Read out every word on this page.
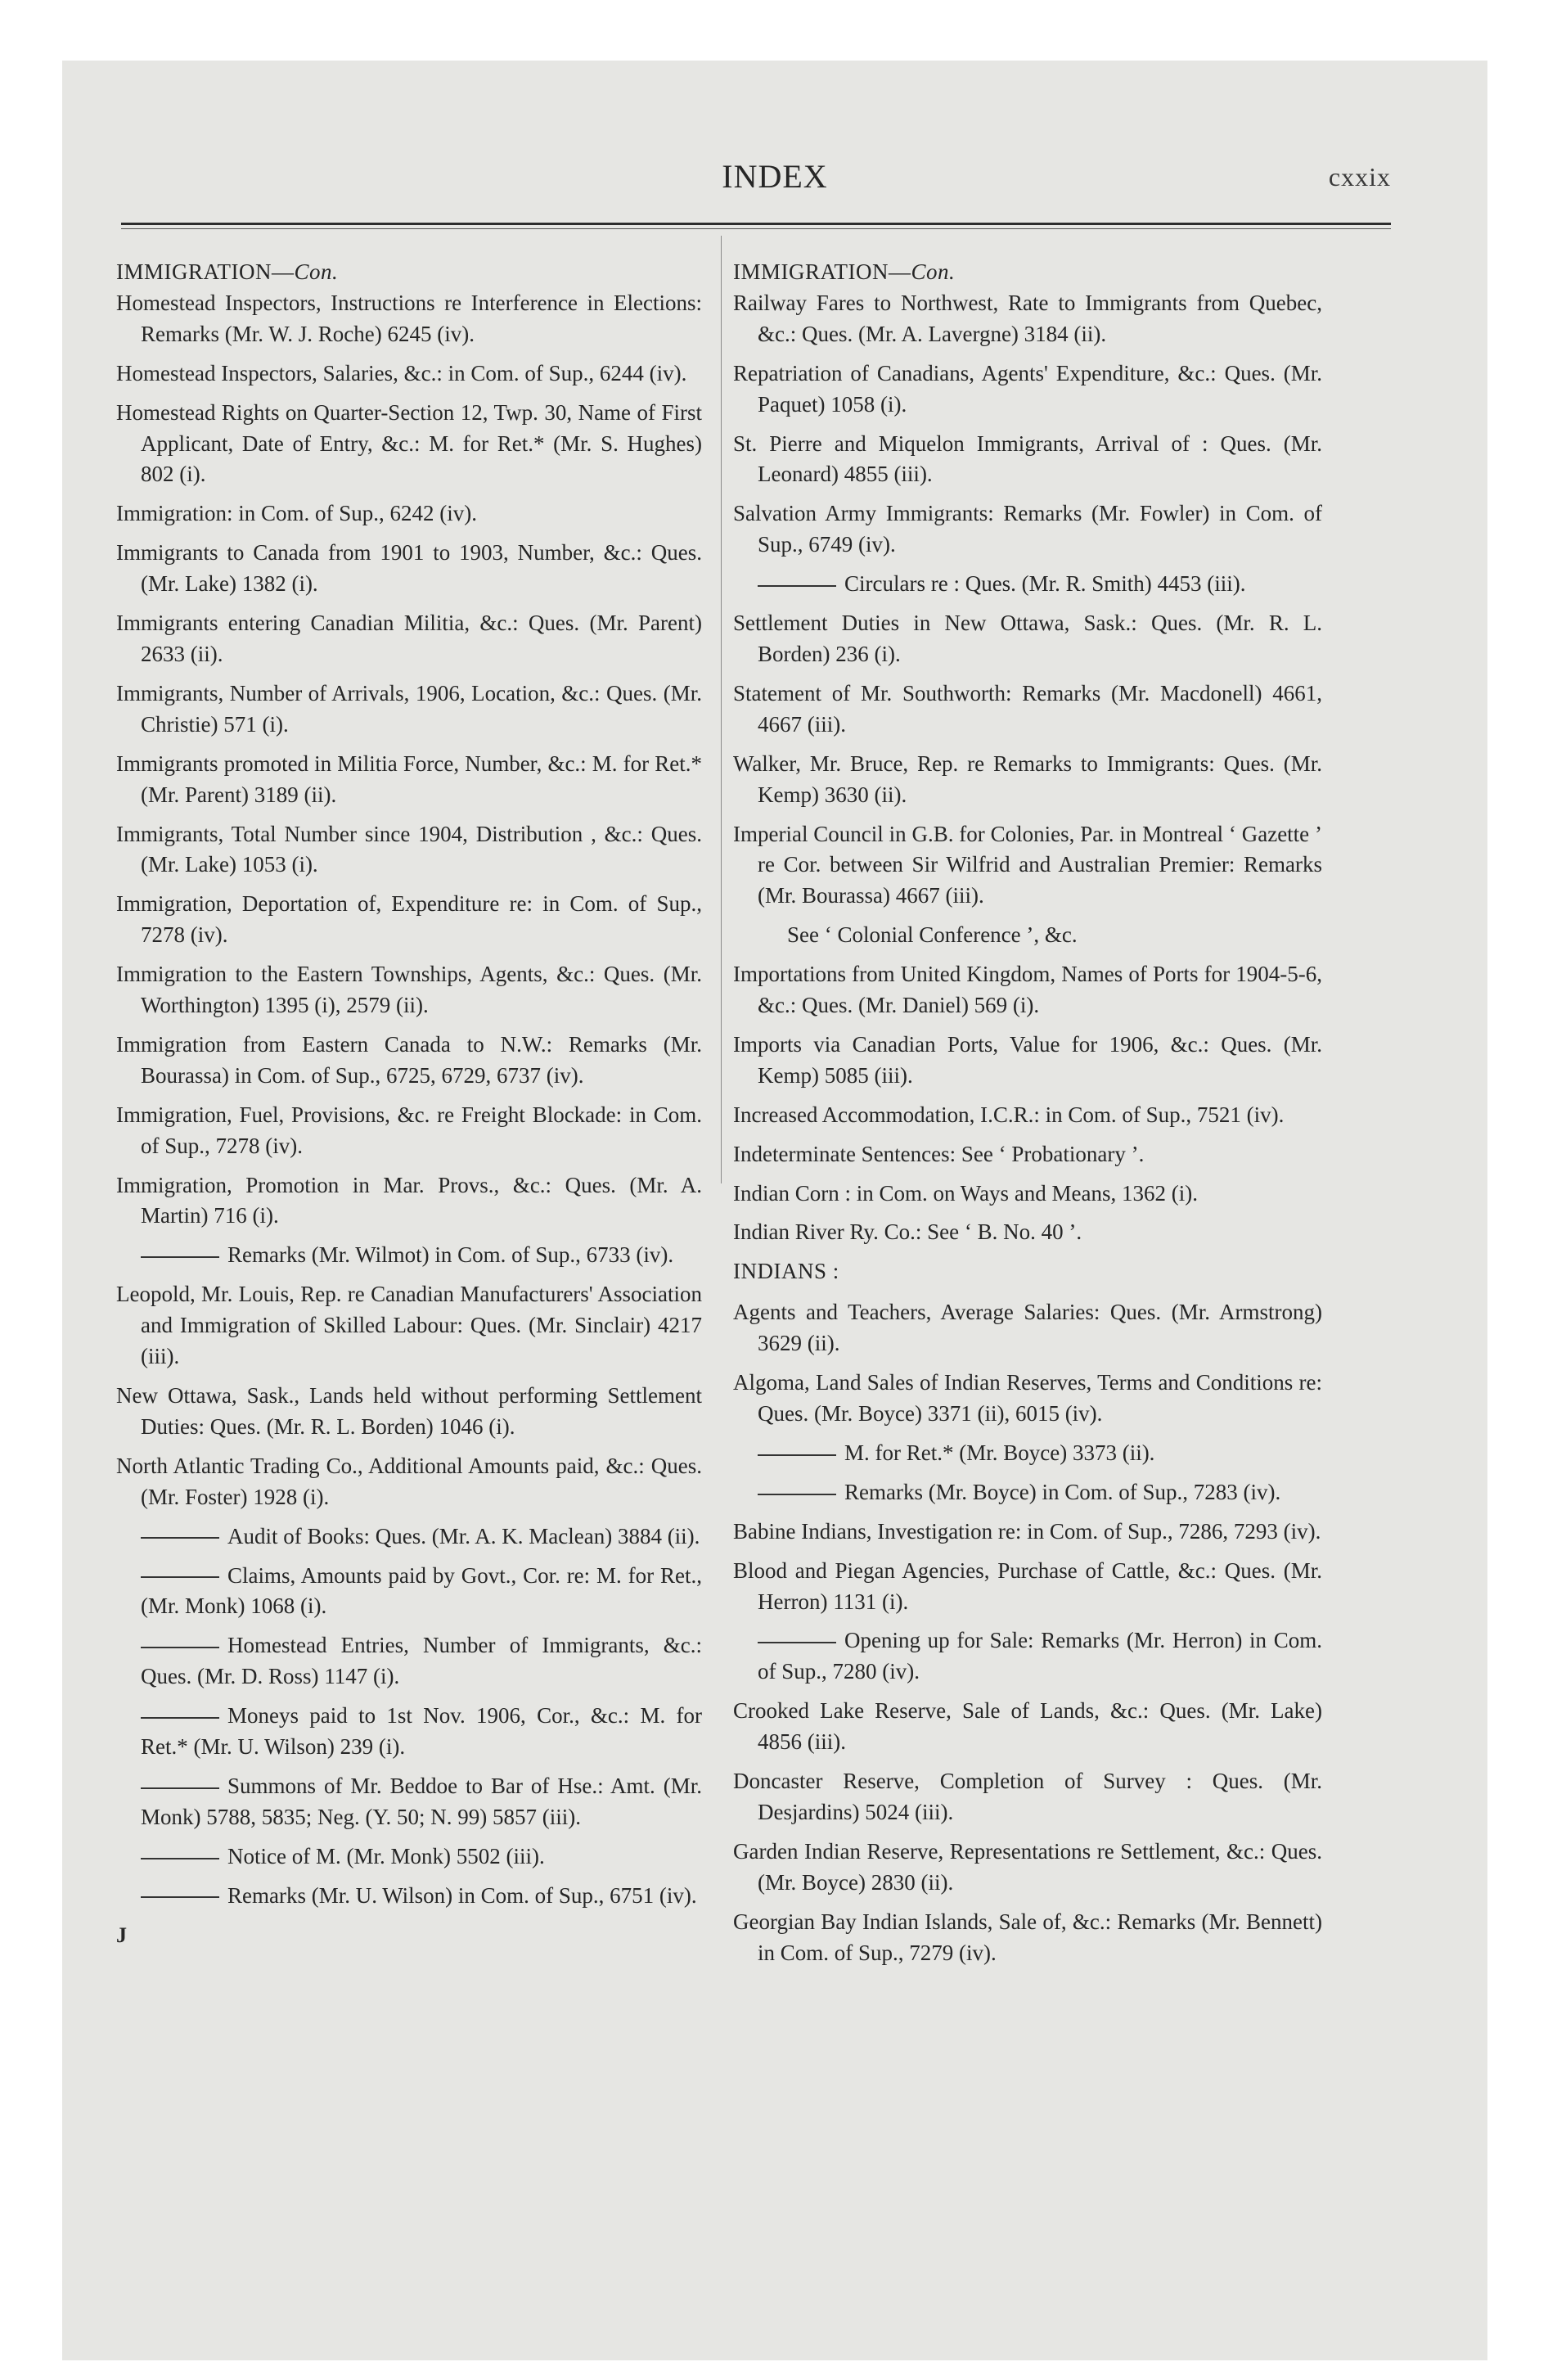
INDEX	cxxix

IMMIGRATION—Con.

Homestead Inspectors, Instructions re Interference in Elections: Remarks (Mr. W. J. Roche) 6245 (iv).

Homestead Inspectors, Salaries, &c.: in Com. of Sup., 6244 (iv).

Homestead Rights on Quarter-Section 12, Twp. 30, Name of First Applicant, Date of Entry, &c.: M. for Ret.* (Mr. S. Hughes) 802 (i).

Immigration: in Com. of Sup., 6242 (iv).

Immigrants to Canada from 1901 to 1903, Number, &c.: Ques. (Mr. Lake) 1382 (i).

Immigrants entering Canadian Militia, &c.: Ques. (Mr. Parent) 2633 (ii).

Immigrants, Number of Arrivals, 1906, Location, &c.: Ques. (Mr. Christie) 571 (i).

Immigrants promoted in Militia Force, Number, &c.: M. for Ret.* (Mr. Parent) 3189 (ii).

Immigrants, Total Number since 1904, Distribution , &c.: Ques. (Mr. Lake) 1053 (i).

Immigration, Deportation of, Expenditure re: in Com. of Sup., 7278 (iv).

Immigration to the Eastern Townships, Agents, &c.: Ques. (Mr. Worthington) 1395 (i), 2579 (ii).

Immigration from Eastern Canada to N.W.: Remarks (Mr. Bourassa) in Com. of Sup., 6725, 6729, 6737 (iv).

Immigration, Fuel, Provisions, &c. re Freight Blockade: in Com. of Sup., 7278 (iv).

Immigration, Promotion in Mar. Provs., &c.: Ques. (Mr. A. Martin) 716 (i).

Remarks (Mr. Wilmot) in Com. of Sup., 6733 (iv).

Leopold, Mr. Louis, Rep. re Canadian Manufacturers' Association and Immigration of Skilled Labour: Ques. (Mr. Sinclair) 4217 (iii).

New Ottawa, Sask., Lands held without performing Settlement Duties: Ques. (Mr. R. L. Borden) 1046 (i).

North Atlantic Trading Co., Additional Amounts paid, &c.: Ques. (Mr. Foster) 1928 (i).

Audit of Books: Ques. (Mr. A. K. Maclean) 3884 (ii).

Claims, Amounts paid by Govt., Cor. re: M. for Ret., (Mr. Monk) 1068 (i).

Homestead Entries, Number of Immigrants, &c.: Ques. (Mr. D. Ross) 1147 (i).

Moneys paid to 1st Nov. 1906, Cor., &c.: M. for Ret.* (Mr. U. Wilson) 239 (i).

Summons of Mr. Beddoe to Bar of Hse.: Amt. (Mr. Monk) 5788, 5835; Neg. (Y. 50; N. 99) 5857 (iii).

Notice of M. (Mr. Monk) 5502 (iii).

Remarks (Mr. U. Wilson) in Com. of Sup., 6751 (iv).

J

IMMIGRATION—Con.

Railway Fares to Northwest, Rate to Immigrants from Quebec, &c.: Ques. (Mr. A. Lavergne) 3184 (ii).

Repatriation of Canadians, Agents' Expenditure, &c.: Ques. (Mr. Paquet) 1058 (i).

St. Pierre and Miquelon Immigrants, Arrival of : Ques. (Mr. Leonard) 4855 (iii).

Salvation Army Immigrants: Remarks (Mr. Fowler) in Com. of Sup., 6749 (iv).

Circulars re : Ques. (Mr. R. Smith) 4453 (iii).

Settlement Duties in New Ottawa, Sask.: Ques. (Mr. R. L. Borden) 236 (i).

Statement of Mr. Southworth: Remarks (Mr. Macdonell) 4661, 4667 (iii).

Walker, Mr. Bruce, Rep. re Remarks to Immigrants: Ques. (Mr. Kemp) 3630 (ii).

Imperial Council in G.B. for Colonies, Par. in Montreal ‘ Gazette ’ re Cor. between Sir Wilfrid and Australian Premier: Remarks (Mr. Bourassa) 4667 (iii).

See ‘ Colonial Conference ’, &c.

Importations from United Kingdom, Names of Ports for 1904-5-6, &c.: Ques. (Mr. Daniel) 569 (i).

Imports via Canadian Ports, Value for 1906, &c.: Ques. (Mr. Kemp) 5085 (iii).

Increased Accommodation, I.C.R.: in Com. of Sup., 7521 (iv).

Indeterminate Sentences: See ‘ Probationary ’.

Indian Corn : in Com. on Ways and Means, 1362 (i).

Indian River Ry. Co.: See ‘ B. No. 40 ’.

INDIANS :

Agents and Teachers, Average Salaries: Ques. (Mr. Armstrong) 3629 (ii).

Algoma, Land Sales of Indian Reserves, Terms and Conditions re: Ques. (Mr. Boyce) 3371 (ii), 6015 (iv).

M. for Ret.* (Mr. Boyce) 3373 (ii).

Remarks (Mr. Boyce) in Com. of Sup., 7283 (iv).

Babine Indians, Investigation re: in Com. of Sup., 7286, 7293 (iv).

Blood and Piegan Agencies, Purchase of Cattle, &c.: Ques. (Mr. Herron) 1131 (i).

Opening up for Sale: Remarks (Mr. Herron) in Com. of Sup., 7280 (iv).

Crooked Lake Reserve, Sale of Lands, &c.: Ques. (Mr. Lake) 4856 (iii).

Doncaster Reserve, Completion of Survey : Ques. (Mr. Desjardins) 5024 (iii).

Garden Indian Reserve, Representations re Settlement, &c.: Ques. (Mr. Boyce) 2830 (ii).

Georgian Bay Indian Islands, Sale of, &c.: Remarks (Mr. Bennett) in Com. of Sup., 7279 (iv).
